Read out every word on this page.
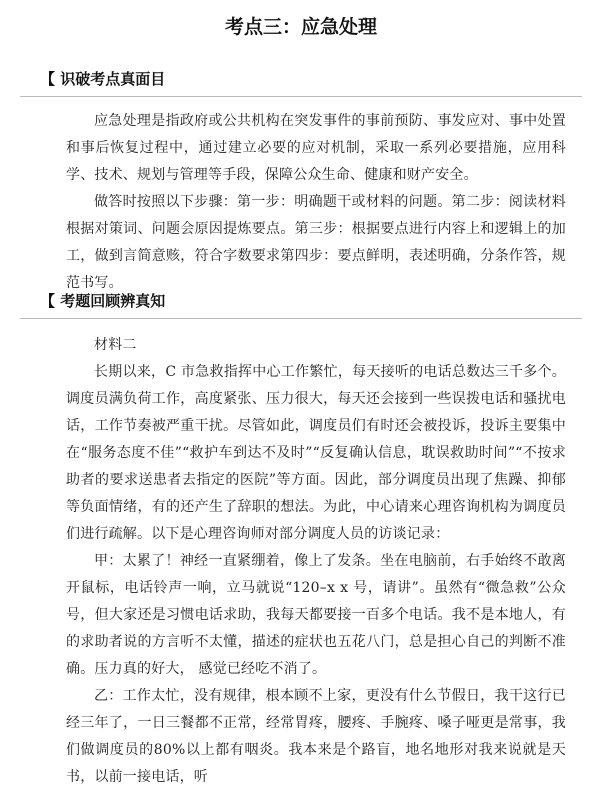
考点三：应急处理
【 识破考点真面目

应急处理是指政府或公共机构在突发事件的事前预防、事发应对、事中处置和事后恢复过程中，通过建立必要的应对机制，采取一系列必要措施，应用科学、技术、规划与管理等手段，保障公众生命、健康和财产安全。

做答时按照以下步骤：第一步：明确题干或材料的问题。第二步：阅读材料根据对策词、问题会原因提炼要点。第三步：根据要点进行内容上和逻辑上的加工，做到言简意赅，符合字数要求第四步：要点鲜明，表述明确，分条作答，规范书写。

【 考题回顾辨真知

材料二

长期以来，C 市急救指挥中心工作繁忙，每天接听的电话总数达三千多个。调度员满负荷工作，高度紧张、压力很大，每天还会接到一些误拨电话和骚扰电话，工作节奏被严重干扰。尽管如此，调度员们有时还会被投诉，投诉主要集中在“服务态度不佳”“救护车到达不及时”“反复确认信息，耽误救助时间”“不按求助者的要求送患者去指定的医院”等方面。因此，部分调度员出现了焦躁、抑郁等负面情绪，有的还产生了辞职的想法。为此，中心请来心理咨询机构为调度员们进行疏解。以下是心理咨询师对部分调度人员的访谈记录：

甲：太累了！神经一直紧绷着，像上了发条。坐在电脑前，右手始终不敢离开鼠标，电话铃声一响，立马就说“120–x x 号，请讲”。虽然有“微急救”公众号，但大家还是习惯电话求助，我每天都要接一百多个电话。我不是本地人，有的求助者说的方言听不太懂，描述的症状也五花八门，总是担心自己的判断不准确。压力真的好大， 感觉已经吃不消了。

乙：工作太忙，没有规律，根本顾不上家，更没有什么节假日，我干这行已经三年了，一日三餐都不正常，经常胃疼，腰疼、手腕疼、嗓子哑更是常事，我们做调度员的80%以上都有咽炎。我本来是个路盲，地名地形对我来说就是天书，以前一接电话，听
